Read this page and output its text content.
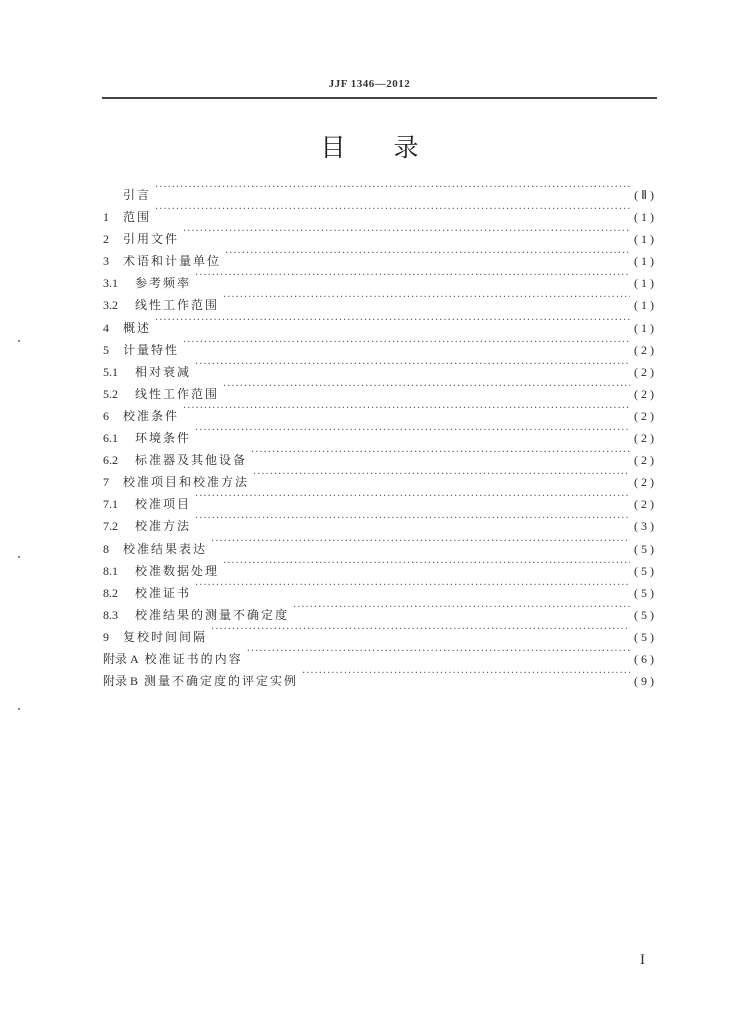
JJF 1346—2012
目录
引言 ·····	(Ⅱ)
1	范围 ·····	(1)
2	引用文件 ·····	(1)
3	术语和计量单位 ·····	(1)
3.1	参考频率 ·····	(1)
3.2	线性工作范围 ·····	(1)
4	概述 ·····	(1)
5	计量特性 ·····	(2)
5.1	相对衰减 ·····	(2)
5.2	线性工作范围 ·····	(2)
6	校准条件 ·····	(2)
6.1	环境条件 ·····	(2)
6.2	标准器及其他设备 ·····	(2)
7	校准项目和校准方法 ·····	(2)
7.1	校准项目 ·····	(2)
7.2	校准方法 ·····	(3)
8	校准结果表达 ·····	(5)
8.1	校准数据处理 ·····	(5)
8.2	校准证书 ·····	(5)
8.3	校准结果的测量不确定度 ·····	(5)
9	复校时间间隔 ·····	(5)
附录 A 校准证书的内容 ·····	(6)
附录 B 测量不确定度的评定实例 ·····	(9)
I
